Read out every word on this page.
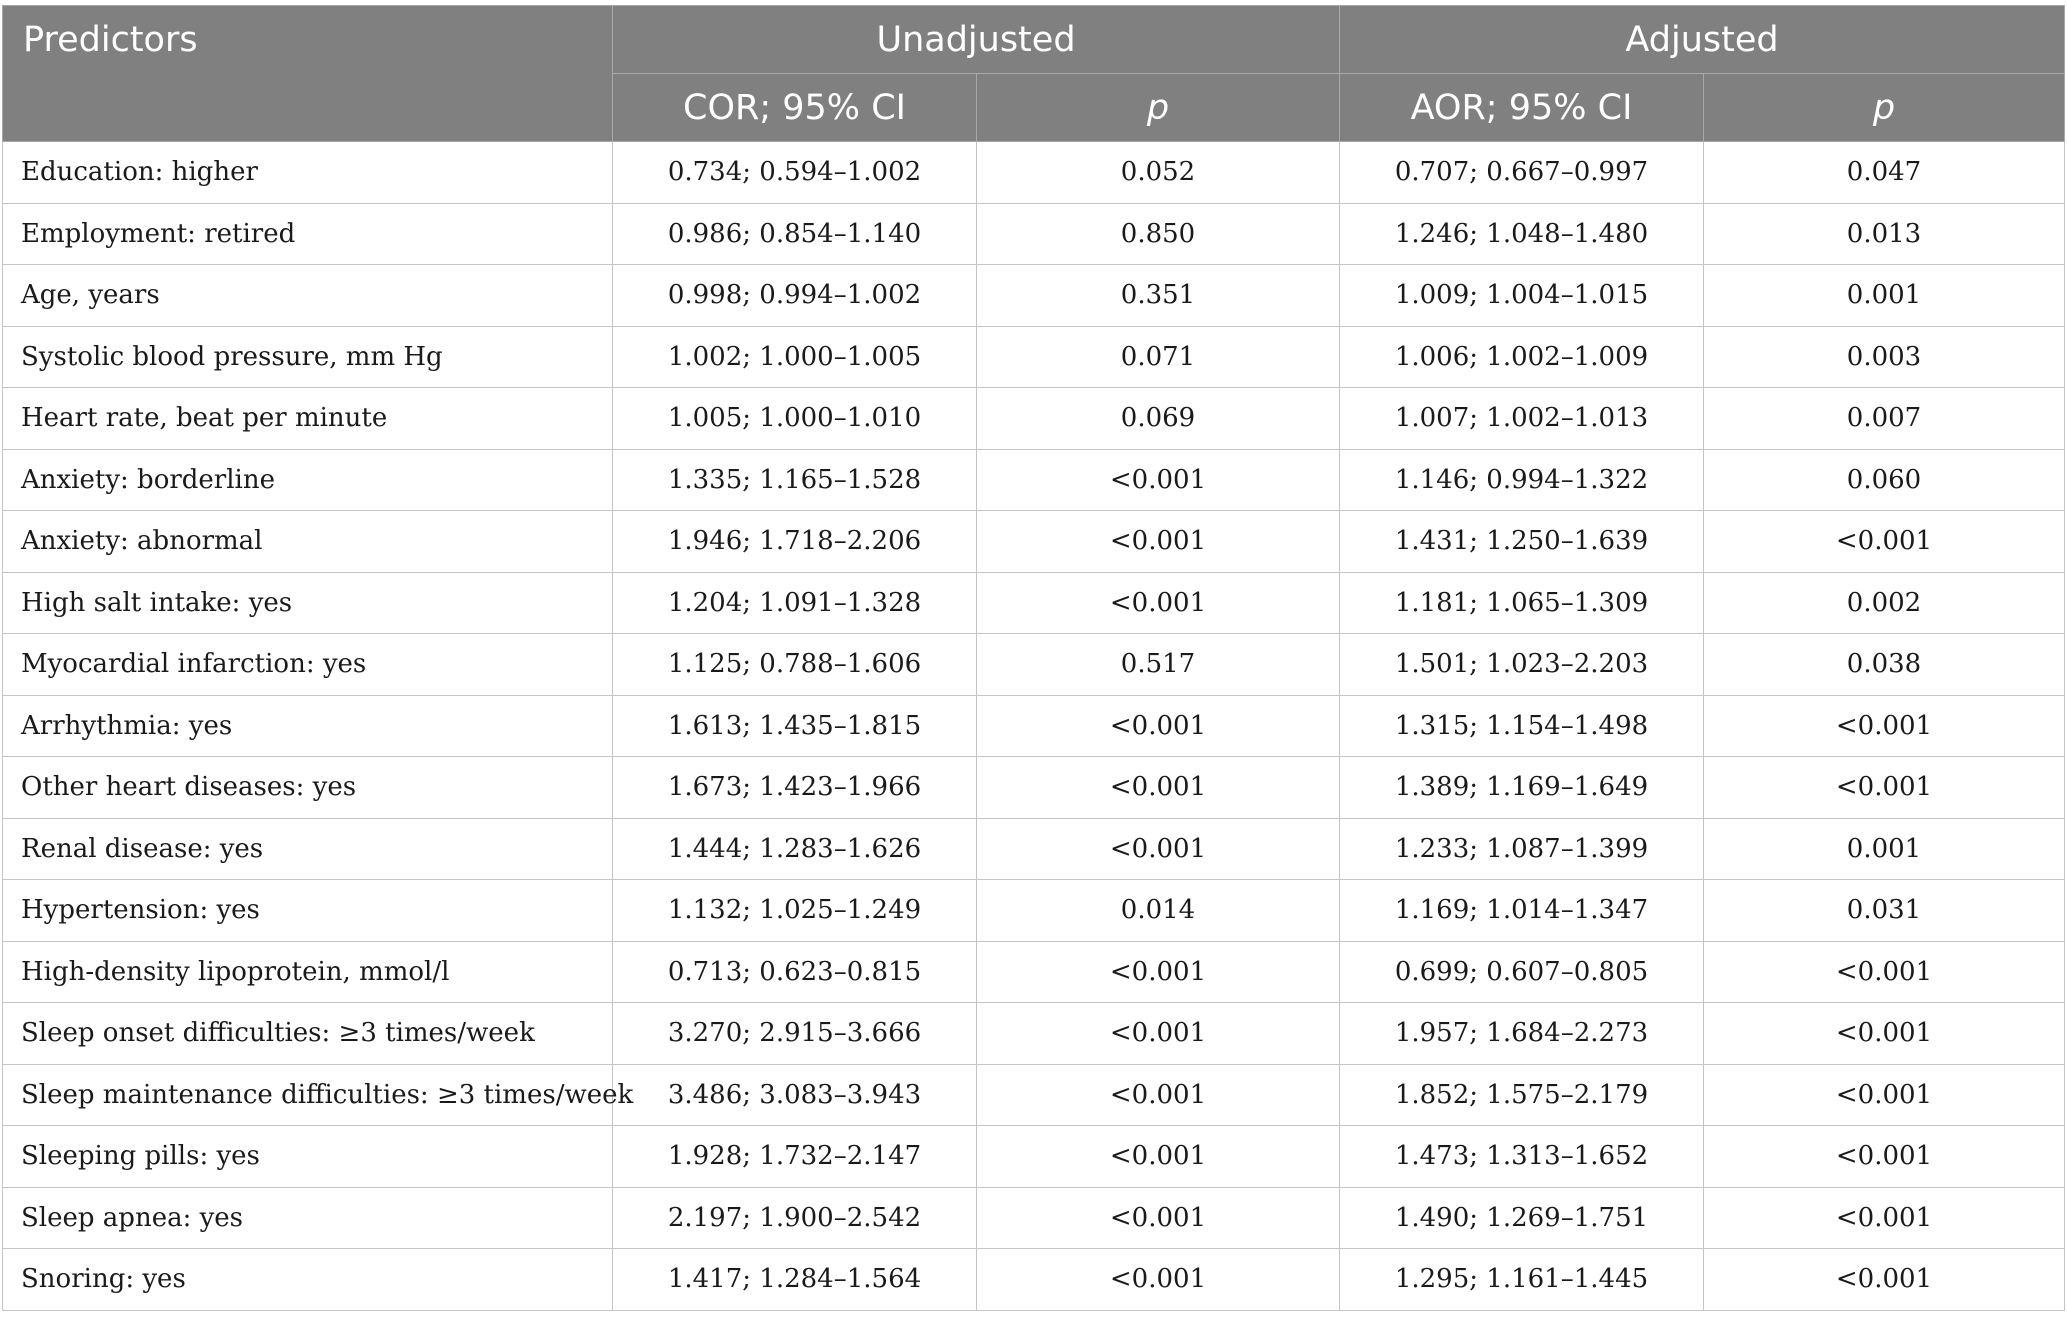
Predictors	Unadjusted		Adjusted	
	COR; 95% CI	p	AOR; 95% CI	p
Education: higher	0.734; 0.594–1.002	0.052	0.707; 0.667–0.997	0.047
Employment: retired	0.986; 0.854–1.140	0.850	1.246; 1.048–1.480	0.013
Age, years	0.998; 0.994–1.002	0.351	1.009; 1.004–1.015	0.001
Systolic blood pressure, mm Hg	1.002; 1.000–1.005	0.071	1.006; 1.002–1.009	0.003
Heart rate, beat per minute	1.005; 1.000–1.010	0.069	1.007; 1.002–1.013	0.007
Anxiety: borderline	1.335; 1.165–1.528	<0.001	1.146; 0.994–1.322	0.060
Anxiety: abnormal	1.946; 1.718–2.206	<0.001	1.431; 1.250–1.639	<0.001
High salt intake: yes	1.204; 1.091–1.328	<0.001	1.181; 1.065–1.309	0.002
Myocardial infarction: yes	1.125; 0.788–1.606	0.517	1.501; 1.023–2.203	0.038
Arrhythmia: yes	1.613; 1.435–1.815	<0.001	1.315; 1.154–1.498	<0.001
Other heart diseases: yes	1.673; 1.423–1.966	<0.001	1.389; 1.169–1.649	<0.001
Renal disease: yes	1.444; 1.283–1.626	<0.001	1.233; 1.087–1.399	0.001
Hypertension: yes	1.132; 1.025–1.249	0.014	1.169; 1.014–1.347	0.031
High-density lipoprotein, mmol/l	0.713; 0.623–0.815	<0.001	0.699; 0.607–0.805	<0.001
Sleep onset difficulties: ≥3 times/week	3.270; 2.915–3.666	<0.001	1.957; 1.684–2.273	<0.001
Sleep maintenance difficulties: ≥3 times/week	3.486; 3.083–3.943	<0.001	1.852; 1.575–2.179	<0.001
Sleeping pills: yes	1.928; 1.732–2.147	<0.001	1.473; 1.313–1.652	<0.001
Sleep apnea: yes	2.197; 1.900–2.542	<0.001	1.490; 1.269–1.751	<0.001
Snoring: yes	1.417; 1.284–1.564	<0.001	1.295; 1.161–1.445	<0.001
